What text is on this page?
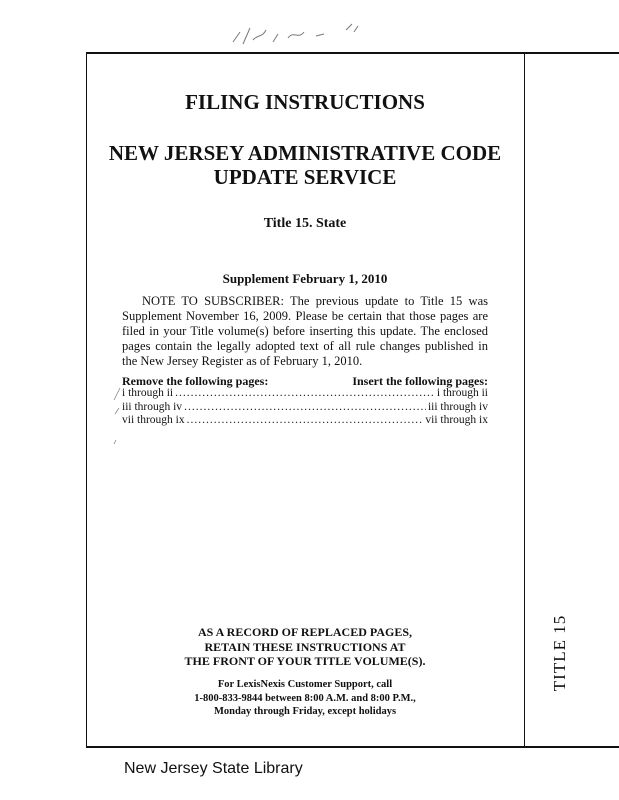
TITLE 15
FILING INSTRUCTIONS
NEW JERSEY ADMINISTRATIVE CODE
UPDATE SERVICE
Title 15. State
Supplement February 1, 2010
NOTE TO SUBSCRIBER: The previous update to Title 15 was Supplement November 16, 2009. Please be certain that those pages are filed in your Title volume(s) before inserting this update. The enclosed pages contain the legally adopted text of all rule changes published in the New Jersey Register as of February 1, 2010.
Remove the following pages:	Insert the following pages:
i through ii .....	i through ii
iii through iv .....	iii through iv
vii through ix .....	vii through ix
AS A RECORD OF REPLACED PAGES,
RETAIN THESE INSTRUCTIONS AT
THE FRONT OF YOUR TITLE VOLUME(S).
For LexisNexis Customer Support, call
1-800-833-9844 between 8:00 A.M. and 8:00 P.M.,
Monday through Friday, except holidays
New Jersey State Library
